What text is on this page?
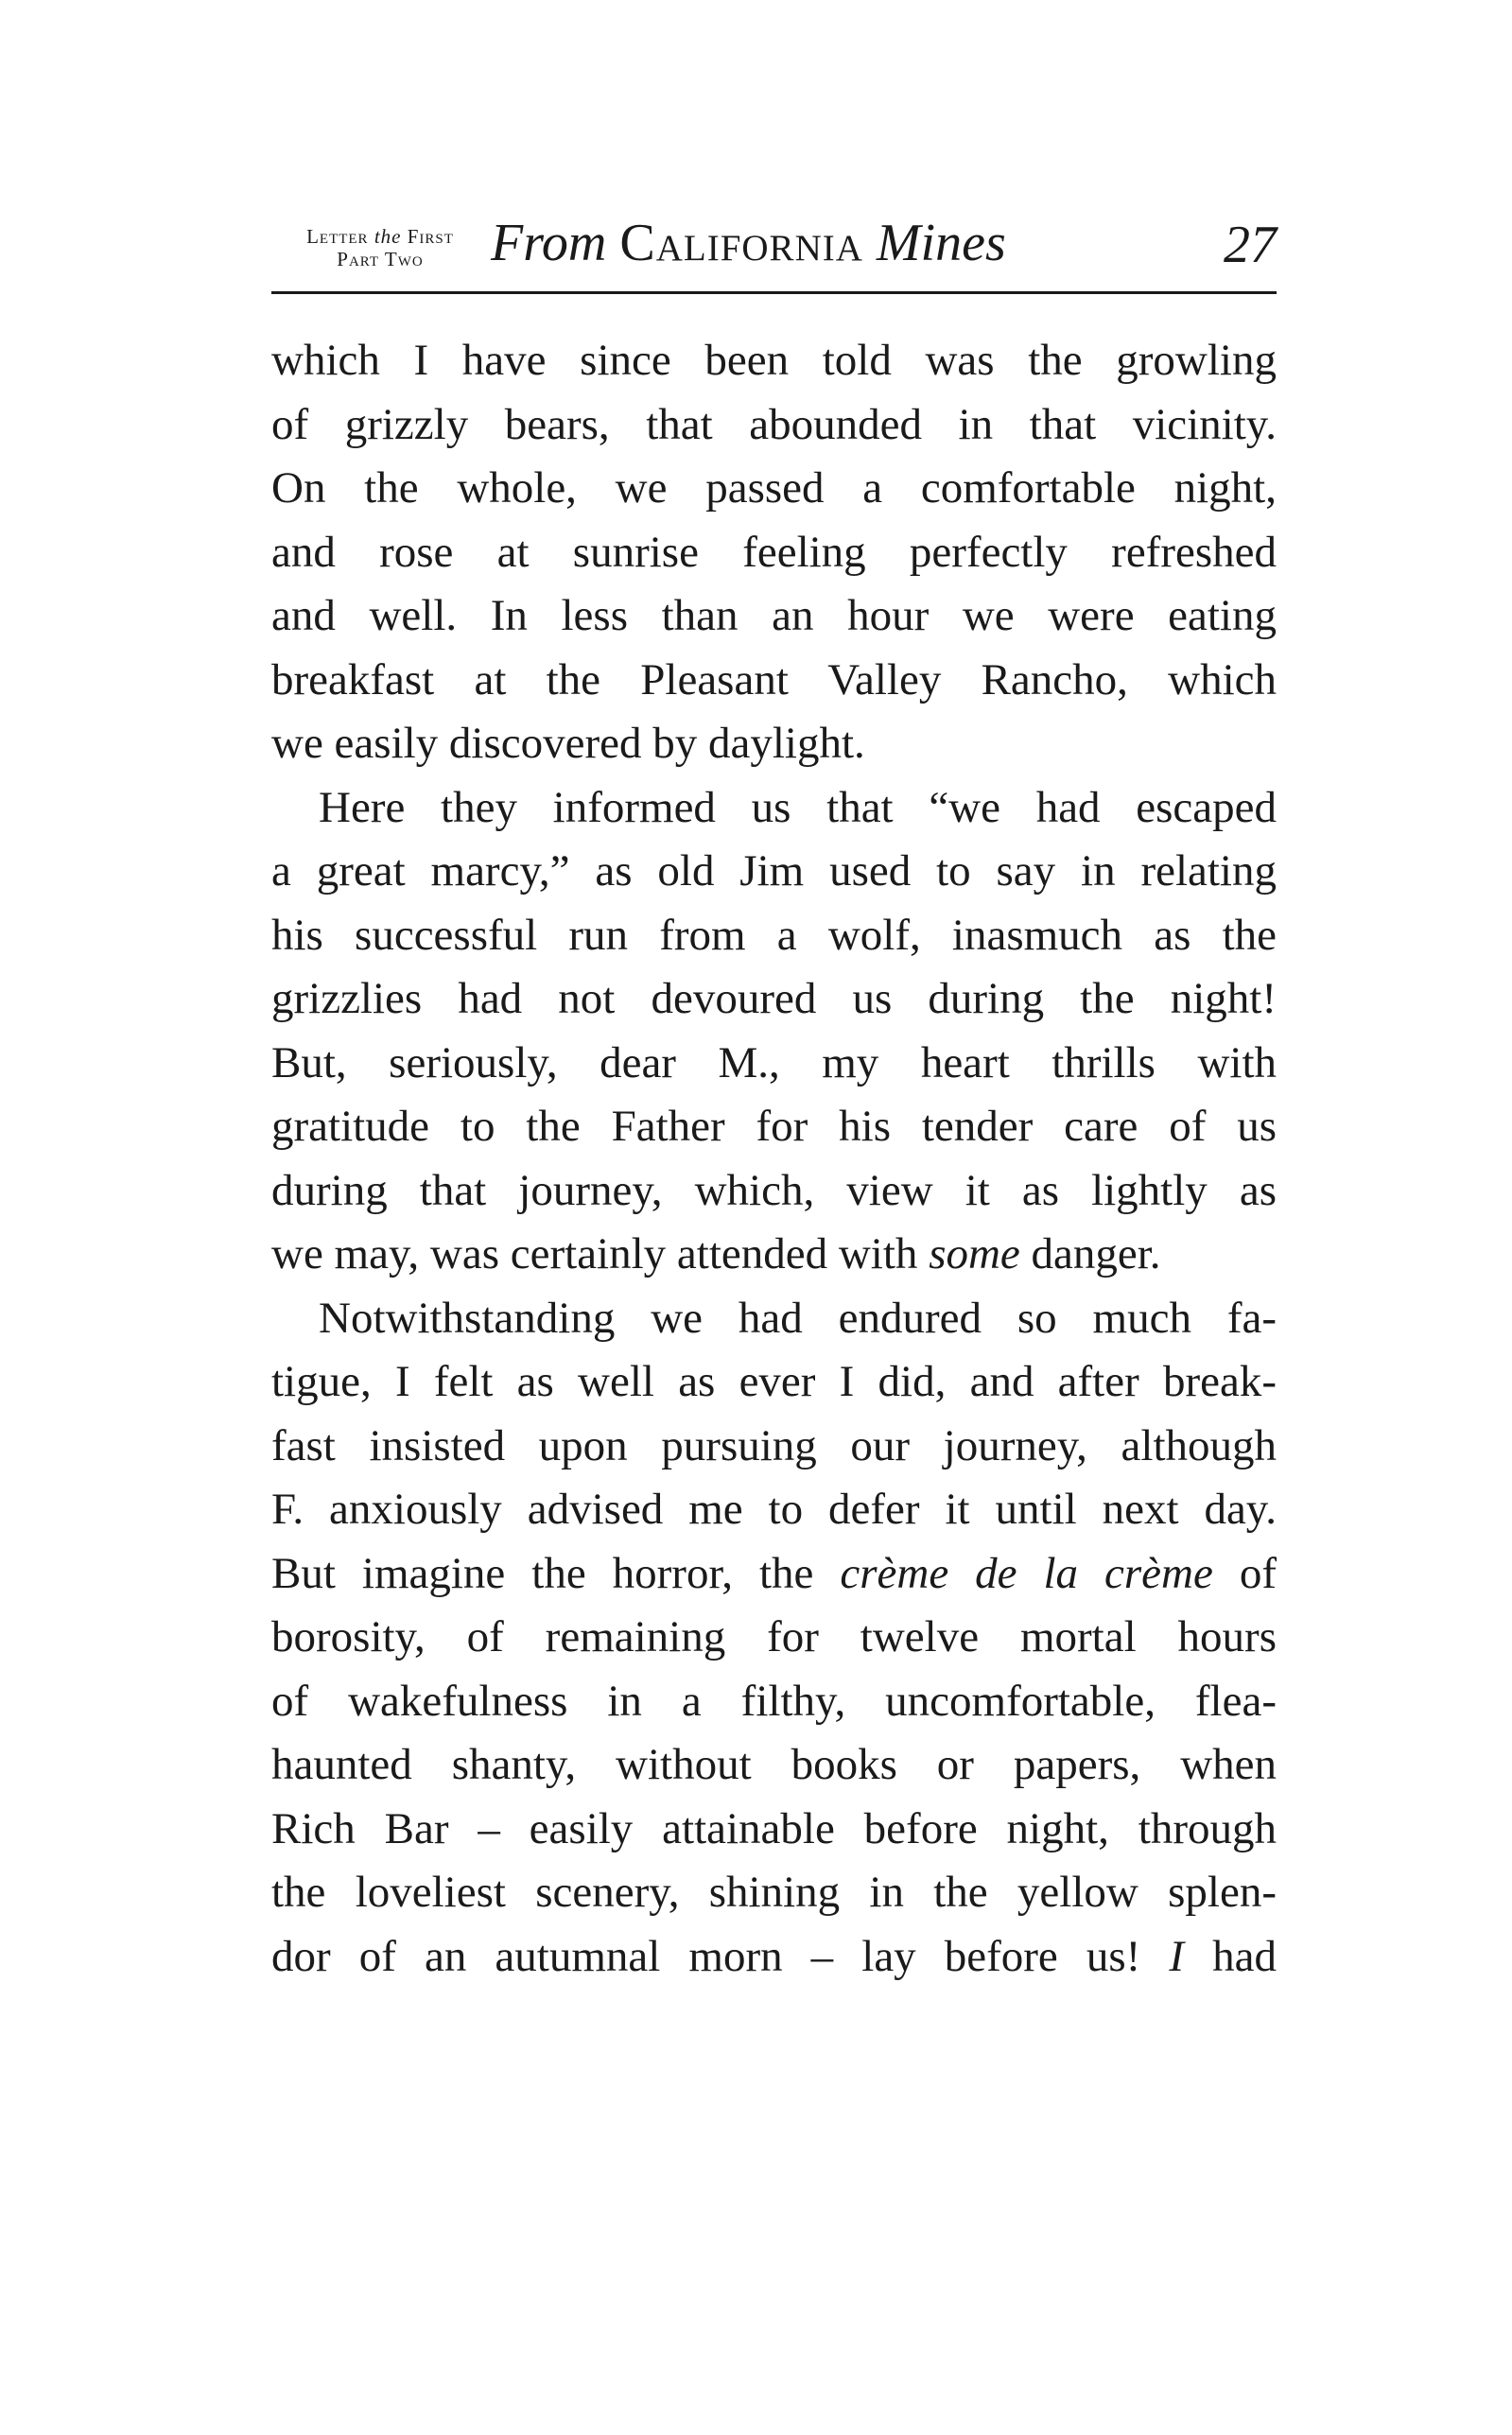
Letter the First
Part Two	From California Mines	27
which I have since been told was the growling
of grizzly bears, that abounded in that vicinity.
On the whole, we passed a comfortable night,
and rose at sunrise feeling perfectly refreshed
and well. In less than an hour we were eating
breakfast at the Pleasant Valley Rancho, which
we easily discovered by daylight.
Here they informed us that “we had escaped
a great marcy,” as old Jim used to say in relating
his successful run from a wolf, inasmuch as the
grizzlies had not devoured us during the night!
But, seriously, dear M., my heart thrills with
gratitude to the Father for his tender care of us
during that journey, which, view it as lightly as
we may, was certainly attended with some danger.
Notwithstanding we had endured so much fa-
tigue, I felt as well as ever I did, and after break-
fast insisted upon pursuing our journey, although
F. anxiously advised me to defer it until next day.
But imagine the horror, the crème de la crème of
borosity, of remaining for twelve mortal hours
of wakefulness in a filthy, uncomfortable, flea-
haunted shanty, without books or papers, when
Rich Bar – easily attainable before night, through
the loveliest scenery, shining in the yellow splen-
dor of an autumnal morn – lay before us! I had
